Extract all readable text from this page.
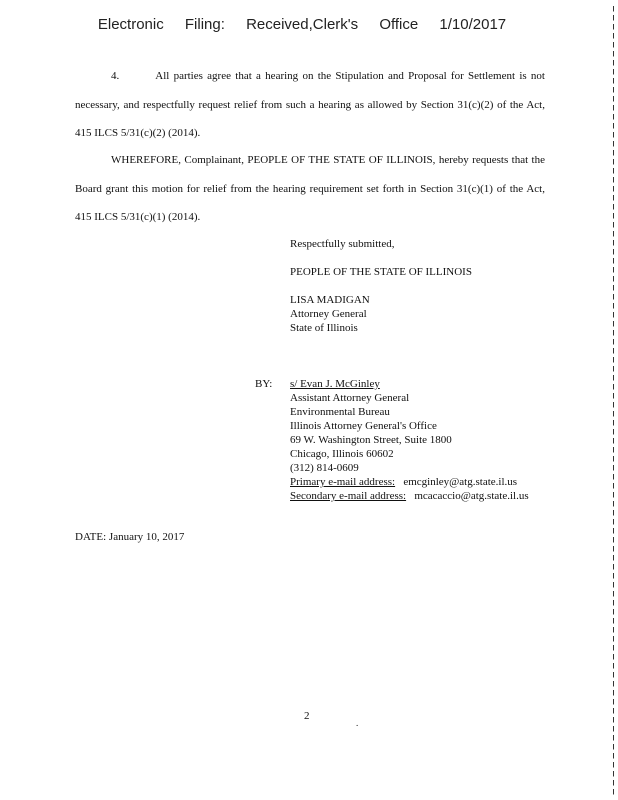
Electronic Filing: Received,Clerk's Office 1/10/2017
4.	All parties agree that a hearing on the Stipulation and Proposal for Settlement is not necessary, and respectfully request relief from such a hearing as allowed by Section 31(c)(2) of the Act, 415 ILCS 5/31(c)(2) (2014).
WHEREFORE, Complainant, PEOPLE OF THE STATE OF ILLINOIS, hereby requests that the Board grant this motion for relief from the hearing requirement set forth in Section 31(c)(1) of the Act, 415 ILCS 5/31(c)(1) (2014).
Respectfully submitted,
PEOPLE OF THE STATE OF ILLINOIS
LISA MADIGAN
Attorney General
State of Illinois
BY: s/ Evan J. McGinley
Assistant Attorney General
Environmental Bureau
Illinois Attorney General's Office
69 W. Washington Street, Suite 1800
Chicago, Illinois 60602
(312) 814-0609
Primary e-mail address: emcginley@atg.state.il.us
Secondary e-mail address: mcacaccio@atg.state.il.us
DATE: January 10, 2017
2
.
